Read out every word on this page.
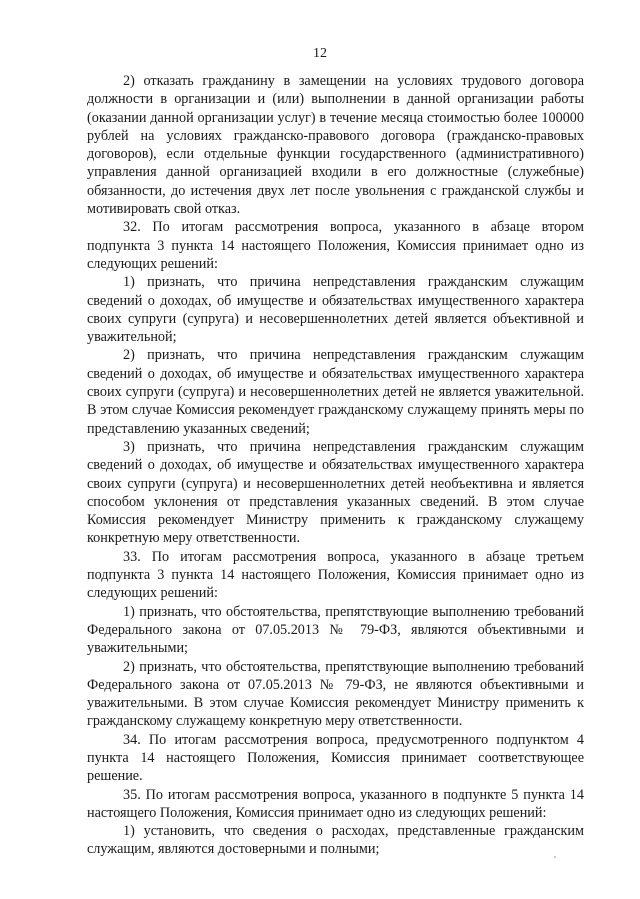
12

2) отказать гражданину в замещении на условиях трудового договора должности в организации и (или) выполнении в данной организации работы (оказании данной организации услуг) в течение месяца стоимостью более 100000 рублей на условиях гражданско-правового договора (гражданско-правовых договоров), если отдельные функции государственного (административного) управления данной организацией входили в его должностные (служебные) обязанности, до истечения двух лет после увольнения с гражданской службы и мотивировать свой отказ.

32. По итогам рассмотрения вопроса, указанного в абзаце втором подпункта 3 пункта 14 настоящего Положения, Комиссия принимает одно из следующих решений:

1) признать, что причина непредставления гражданским служащим сведений о доходах, об имуществе и обязательствах имущественного характера своих супруги (супруга) и несовершеннолетних детей является объективной и уважительной;

2) признать, что причина непредставления гражданским служащим сведений о доходах, об имуществе и обязательствах имущественного характера своих супруги (супруга) и несовершеннолетних детей не является уважительной. В этом случае Комиссия рекомендует гражданскому служащему принять меры по представлению указанных сведений;

3) признать, что причина непредставления гражданским служащим сведений о доходах, об имуществе и обязательствах имущественного характера своих супруги (супруга) и несовершеннолетних детей необъективна и является способом уклонения от представления указанных сведений. В этом случае Комиссия рекомендует Министру применить к гражданскому служащему конкретную меру ответственности.

33. По итогам рассмотрения вопроса, указанного в абзаце третьем подпункта 3 пункта 14 настоящего Положения, Комиссия принимает одно из следующих решений:

1) признать, что обстоятельства, препятствующие выполнению требований Федерального закона от 07.05.2013 № 79-ФЗ, являются объективными и уважительными;

2) признать, что обстоятельства, препятствующие выполнению требований Федерального закона от 07.05.2013 № 79-ФЗ, не являются объективными и уважительными. В этом случае Комиссия рекомендует Министру применить к гражданскому служащему конкретную меру ответственности.

34. По итогам рассмотрения вопроса, предусмотренного подпунктом 4 пункта 14 настоящего Положения, Комиссия принимает соответствующее решение.

35. По итогам рассмотрения вопроса, указанного в подпункте 5 пункта 14 настоящего Положения, Комиссия принимает одно из следующих решений:

1) установить, что сведения о расходах, представленные гражданским служащим, являются достоверными и полными;
